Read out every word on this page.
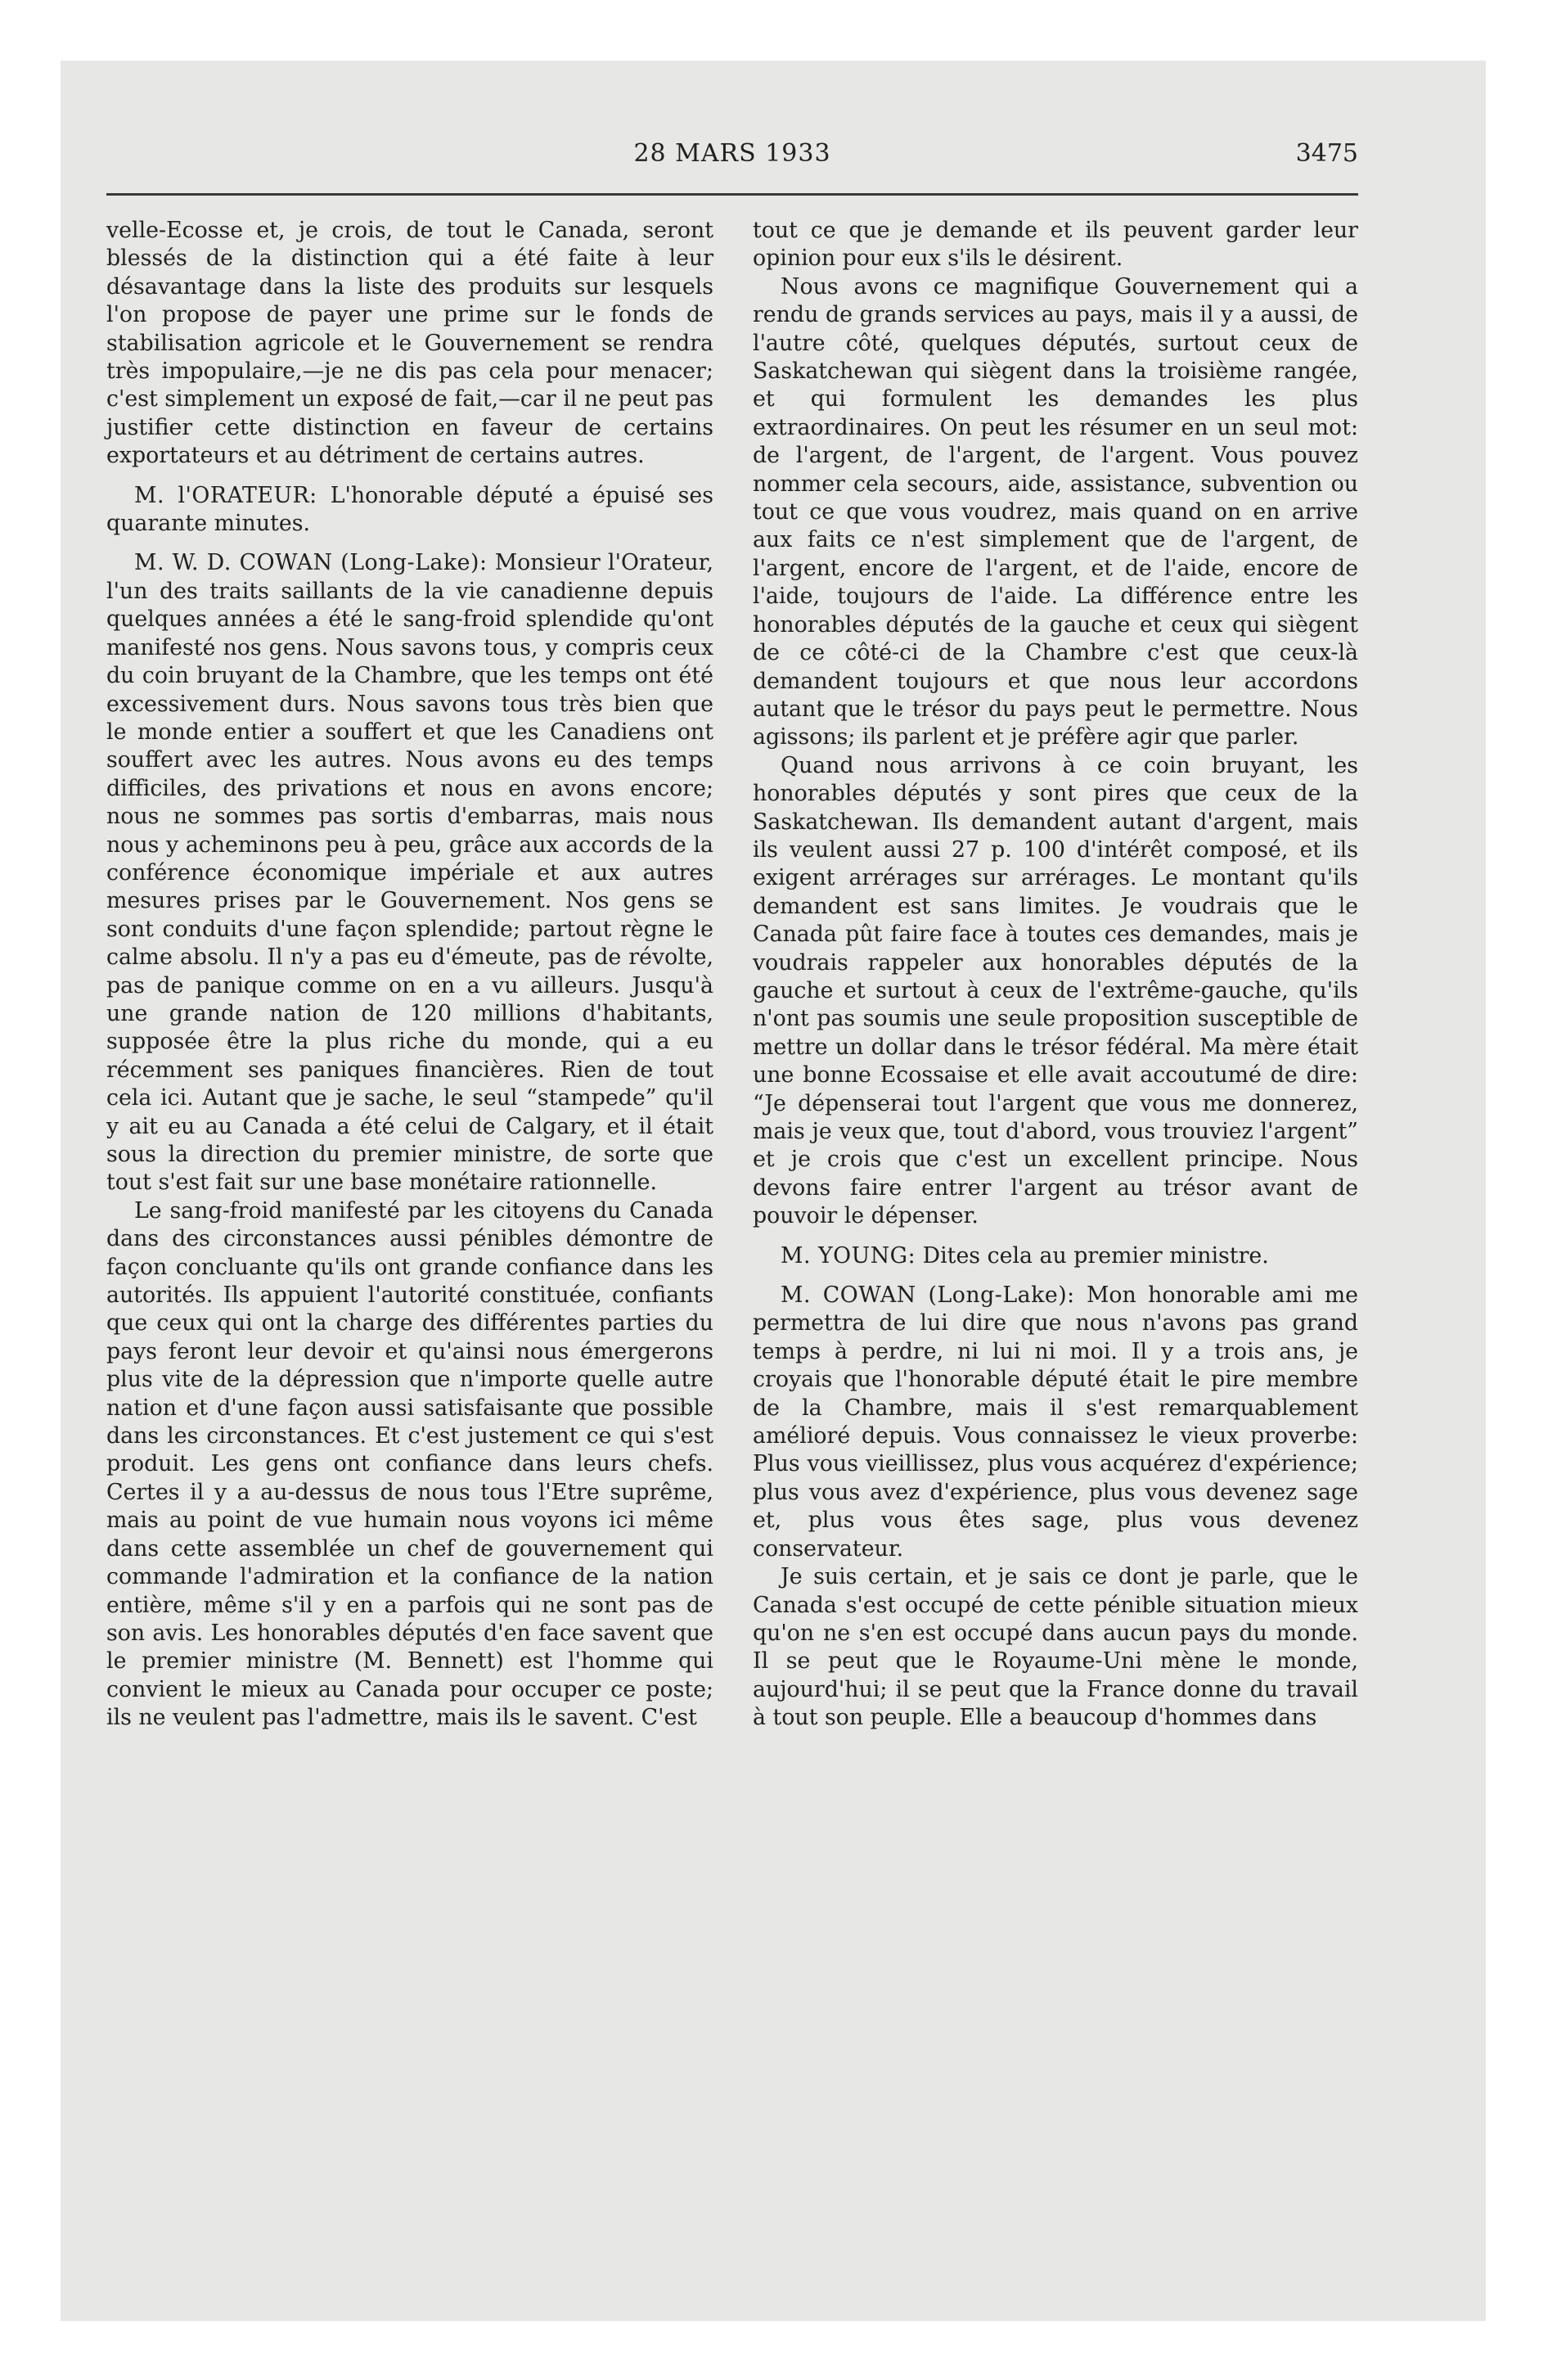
28 MARS 1933	3475

velle-Ecosse et, je crois, de tout le Canada, seront blessés de la distinction qui a été faite à leur désavantage dans la liste des produits sur lesquels l'on propose de payer une prime sur le fonds de stabilisation agricole et le Gouvernement se rendra très impopulaire,—je ne dis pas cela pour menacer; c'est simplement un exposé de fait,—car il ne peut pas justifier cette distinction en faveur de certains exportateurs et au détriment de certains autres.

M. l'ORATEUR: L'honorable député a épuisé ses quarante minutes.

M. W. D. COWAN (Long-Lake): Monsieur l'Orateur, l'un des traits saillants de la vie canadienne depuis quelques années a été le sang-froid splendide qu'ont manifesté nos gens. Nous savons tous, y compris ceux du coin bruyant de la Chambre, que les temps ont été excessivement durs. Nous savons tous très bien que le monde entier a souffert et que les Canadiens ont souffert avec les autres. Nous avons eu des temps difficiles, des privations et nous en avons encore; nous ne sommes pas sortis d'embarras, mais nous nous y acheminons peu à peu, grâce aux accords de la conférence économique impériale et aux autres mesures prises par le Gouvernement. Nos gens se sont conduits d'une façon splendide; partout règne le calme absolu. Il n'y a pas eu d'émeute, pas de révolte, pas de panique comme on en a vu ailleurs. Jusqu'à une grande nation de 120 millions d'habitants, supposée être la plus riche du monde, qui a eu récemment ses paniques financières. Rien de tout cela ici. Autant que je sache, le seul “stampede” qu'il y ait eu au Canada a été celui de Calgary, et il était sous la direction du premier ministre, de sorte que tout s'est fait sur une base monétaire rationnelle.

Le sang-froid manifesté par les citoyens du Canada dans des circonstances aussi pénibles démontre de façon concluante qu'ils ont grande confiance dans les autorités. Ils appuient l'autorité constituée, confiants que ceux qui ont la charge des différentes parties du pays feront leur devoir et qu'ainsi nous émergerons plus vite de la dépression que n'importe quelle autre nation et d'une façon aussi satisfaisante que possible dans les circonstances. Et c'est justement ce qui s'est produit. Les gens ont confiance dans leurs chefs. Certes il y a au-dessus de nous tous l'Etre suprême, mais au point de vue humain nous voyons ici même dans cette assemblée un chef de gouvernement qui commande l'admiration et la confiance de la nation entière, même s'il y en a parfois qui ne sont pas de son avis. Les honorables députés d'en face savent que le premier ministre (M. Bennett) est l'homme qui convient le mieux au Canada pour occuper ce poste; ils ne veulent pas l'admettre, mais ils le savent. C'est

tout ce que je demande et ils peuvent garder leur opinion pour eux s'ils le désirent.

Nous avons ce magnifique Gouvernement qui a rendu de grands services au pays, mais il y a aussi, de l'autre côté, quelques députés, surtout ceux de Saskatchewan qui siègent dans la troisième rangée, et qui formulent les demandes les plus extraordinaires. On peut les résumer en un seul mot: de l'argent, de l'argent, de l'argent. Vous pouvez nommer cela secours, aide, assistance, subvention ou tout ce que vous voudrez, mais quand on en arrive aux faits ce n'est simplement que de l'argent, de l'argent, encore de l'argent, et de l'aide, encore de l'aide, toujours de l'aide. La différence entre les honorables députés de la gauche et ceux qui siègent de ce côté-ci de la Chambre c'est que ceux-là demandent toujours et que nous leur accordons autant que le trésor du pays peut le permettre. Nous agissons; ils parlent et je préfère agir que parler.

Quand nous arrivons à ce coin bruyant, les honorables députés y sont pires que ceux de la Saskatchewan. Ils demandent autant d'argent, mais ils veulent aussi 27 p. 100 d'intérêt composé, et ils exigent arrérages sur arrérages. Le montant qu'ils demandent est sans limites. Je voudrais que le Canada pût faire face à toutes ces demandes, mais je voudrais rappeler aux honorables députés de la gauche et surtout à ceux de l'extrême-gauche, qu'ils n'ont pas soumis une seule proposition susceptible de mettre un dollar dans le trésor fédéral. Ma mère était une bonne Ecossaise et elle avait accoutumé de dire: “Je dépenserai tout l'argent que vous me donnerez, mais je veux que, tout d'abord, vous trouviez l'argent” et je crois que c'est un excellent principe. Nous devons faire entrer l'argent au trésor avant de pouvoir le dépenser.

M. YOUNG: Dites cela au premier ministre.

M. COWAN (Long-Lake): Mon honorable ami me permettra de lui dire que nous n'avons pas grand temps à perdre, ni lui ni moi. Il y a trois ans, je croyais que l'honorable député était le pire membre de la Chambre, mais il s'est remarquablement amélioré depuis. Vous connaissez le vieux proverbe: Plus vous vieillissez, plus vous acquérez d'expérience; plus vous avez d'expérience, plus vous devenez sage et, plus vous êtes sage, plus vous devenez conservateur.

Je suis certain, et je sais ce dont je parle, que le Canada s'est occupé de cette pénible situation mieux qu'on ne s'en est occupé dans aucun pays du monde. Il se peut que le Royaume-Uni mène le monde, aujourd'hui; il se peut que la France donne du travail à tout son peuple. Elle a beaucoup d'hommes dans
